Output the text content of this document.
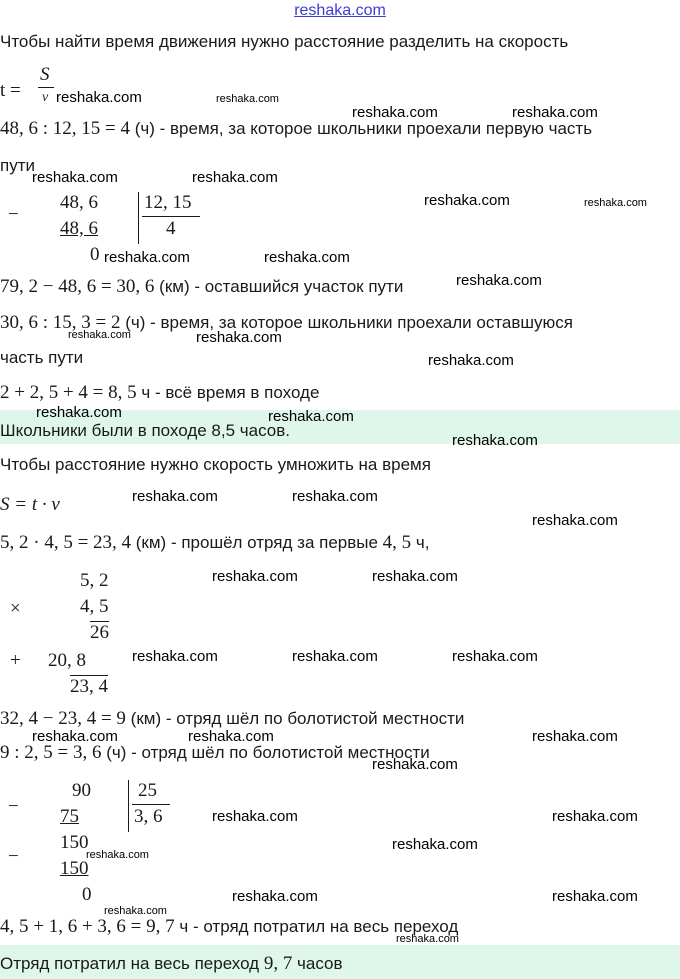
reshaka.com
Чтобы найти время движения нужно расстояние разделить на скорость
t =
S
v
48, 6 : 12, 15 = 4 (ч) - время, за которое школьники проехали первую часть
пути
−
48, 6
48, 6
0
12, 15
4
79, 2 − 48, 6 = 30, 6 (км) - оставшийся участок пути
30, 6 : 15, 3 = 2 (ч) - время, за которое школьники проехали оставшуюся
часть пути
2 + 2, 5 + 4 = 8, 5 ч - всё время в походе
Школьники были в походе 8,5 часов.
Чтобы расстояние нужно скорость умножить на время
S = t · v
5, 2 · 4, 5 = 23, 4 (км) - прошёл отряд за первые 4, 5 ч,
×
5, 2
4, 5
26
+ 20, 8
23, 4
32, 4 − 23, 4 = 9 (км) - отряд шёл по болотистой местности
9 : 2, 5 = 3, 6 (ч) - отряд шёл по болотистой местности
−
90
75
−
150
150
0
25
3, 6
4, 5 + 1, 6 + 3, 6 = 9, 7 ч - отряд потратил на весь переход
Отряд потратил на весь переход 9, 7 часов
reshaka.com	reshaka.com
reshaka.com	reshaka.com
reshaka.com	reshaka.com
reshaka.com	reshaka.com
reshaka.com	reshaka.com
reshaka.com
reshaka.com	reshaka.com
reshaka.com
reshaka.com	reshaka.com
reshaka.com
reshaka.com	reshaka.com
reshaka.com
reshaka.com	reshaka.com
reshaka.com	reshaka.com	reshaka.com
reshaka.com	reshaka.com	reshaka.com
reshaka.com
reshaka.com	reshaka.com
reshaka.com
reshaka.com
reshaka.com	reshaka.com
reshaka.com
reshaka.com
